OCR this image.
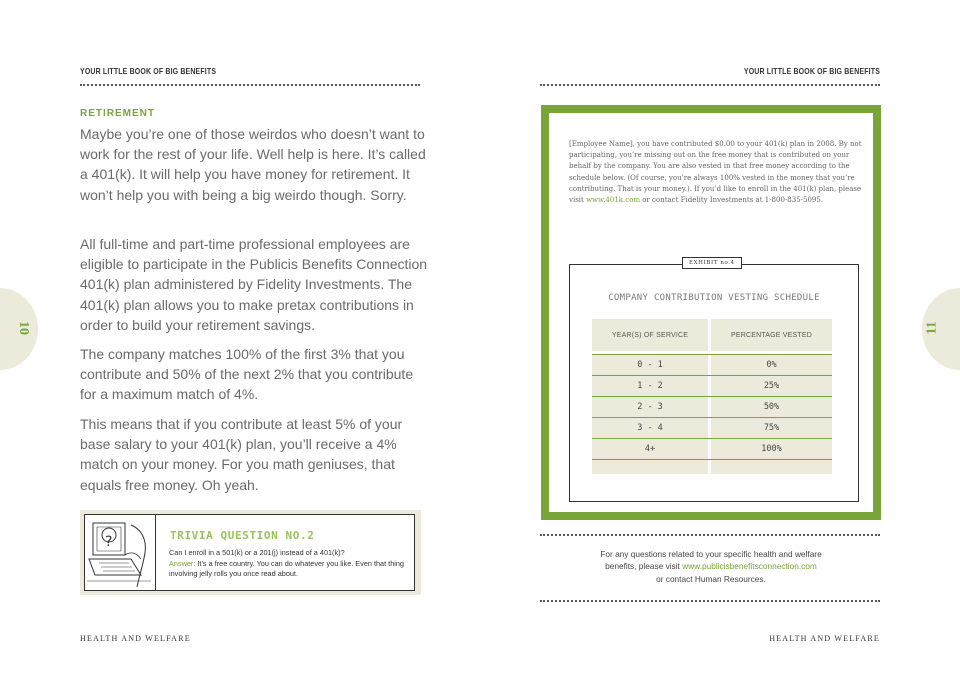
YOUR LITTLE BOOK OF BIG BENEFITS	YOUR LITTLE BOOK OF BIG BENEFITS
10	11
RETIREMENT
Maybe you’re one of those weirdos who doesn’t want to work for the rest of your life. Well help is here. It’s called a 401(k). It will help you have money for retirement. It won’t help you with being a big weirdo though. Sorry.
All full-time and part-time professional employees are eligible to participate in the Publicis Benefits Connection 401(k) plan administered by Fidelity Investments. The 401(k) plan allows you to make pretax contributions in order to build your retirement savings.
The company matches 100% of the first 3% that you contribute and 50% of the next 2% that you contribute for a maximum match of 4%.
This means that if you contribute at least 5% of your base salary to your 401(k) plan, you’ll receive a 4% match on your money. For you math geniuses, that equals free money. Oh yeah.
?	TRIVIA QUESTION NO.2
Can I enroll in a 501(k) or a 201(j) instead of a 401(k)?
Answer: It’s a free country. You can do whatever you like. Even that thing involving jelly rolls you once read about.
[Employee Name], you have contributed $0.00 to your 401(k) plan in 2008. By not participating, you’re missing out on the free money that is contributed on your behalf by the company. You are also vested in that free money according to the schedule below. (Of course, you’re always 100% vested in the money that you’re contributing. That is your money.). If you’d like to enroll in the 401(k) plan, please visit www.401k.com or contact Fidelity Investments at 1-800-835-5095.
EXHIBIT no.4
COMPANY CONTRIBUTION VESTING SCHEDULE
YEAR(S) OF SERVICE	PERCENTAGE VESTED
0 - 1	0%
1 - 2	25%
2 - 3	50%
3 - 4	75%
4+	100%
For any questions related to your specific health and welfare
benefits, please visit www.publicisbenefitsconnection.com
or contact Human Resources.
HEALTH AND WELFARE	HEALTH AND WELFARE
